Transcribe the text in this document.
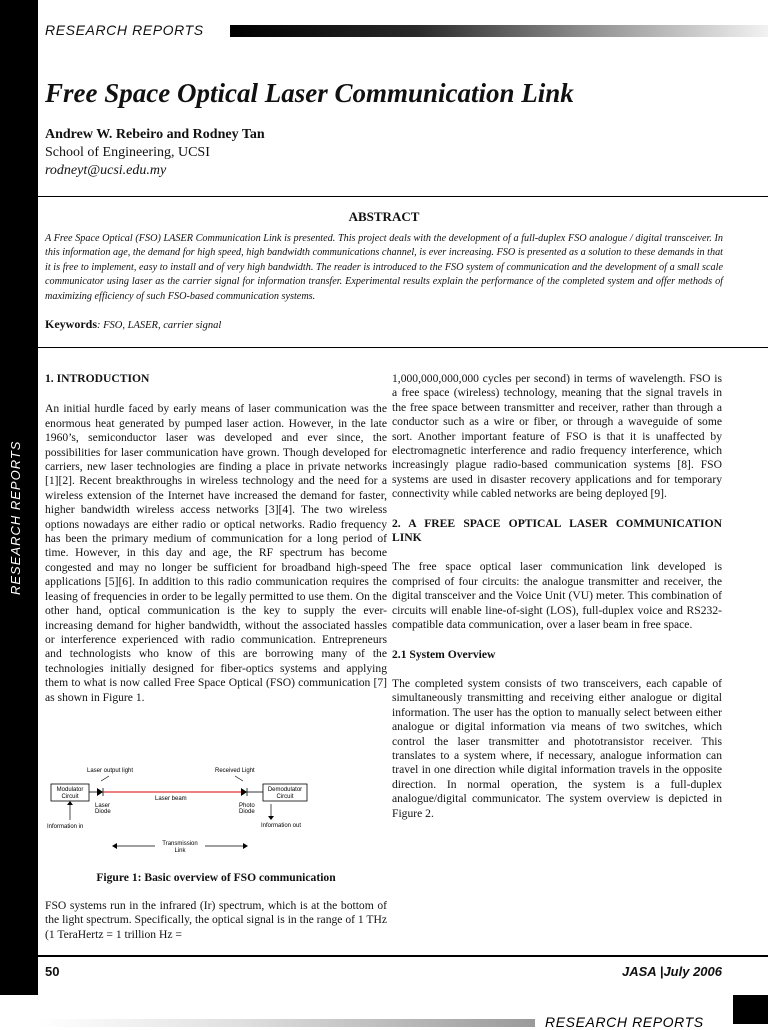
RESEARCH REPORTS
RESEARCH REPORTS
Free Space Optical Laser Communication Link
Andrew W. Rebeiro and Rodney Tan
School of Engineering, UCSI
rodneyt@ucsi.edu.my
ABSTRACT
A Free Space Optical (FSO) LASER Communication Link is presented. This project deals with the development of a full-duplex FSO analogue / digital transceiver. In this information age, the demand for high speed, high bandwidth communications channel, is ever increasing. FSO is presented as a solution to these demands in that it is free to implement, easy to install and of very high bandwidth. The reader is introduced to the FSO system of communication and the development of a small scale communicator using laser as the carrier signal for information transfer. Experimental results explain the performance of the completed system and offer methods of maximizing efficiency of such FSO-based communication systems.
Keywords: FSO, LASER, carrier signal
1. INTRODUCTION

An initial hurdle faced by early means of laser communication was the enormous heat generated by pumped laser action. However, in the late 1960’s, semiconductor laser was developed and ever since, the possibilities for laser communication have grown. Though developed for carriers, new laser technologies are finding a place in private networks [1][2]. Recent breakthroughs in wireless technology and the need for a wireless extension of the Internet have increased the demand for faster, higher bandwidth wireless access networks [3][4]. The two wireless options nowadays are either radio or optical networks. Radio frequency has been the primary medium of communication for a long period of time. However, in this day and age, the RF spectrum has become congested and may no longer be sufficient for broadband high-speed applications [5][6]. In addition to this radio communication requires the leasing of frequencies in order to be legally permitted to use them. On the other hand, optical communication is the key to supply the ever-increasing demand for higher bandwidth, without the associated hassles or interference experienced with radio communication. Entrepreneurs and technologists who know of this are borrowing many of the technologies initially designed for fiber-optics systems and applying them to what is now called Free Space Optical (FSO) communication [7] as shown in Figure 1.

Laser output light	Received Light
Modulator
Circuit
Demodulator
Circuit
Laser beam
Laser
Diode
Photo
Diode
Information in	Information out
Transmission
Link
Figure 1: Basic overview of FSO communication

FSO systems run in the infrared (Ir) spectrum, which is at the bottom of the light spectrum. Specifically, the optical signal is in the range of 1 THz (1 TeraHertz = 1 trillion Hz =

1,000,000,000,000 cycles per second) in terms of wavelength. FSO is a free space (wireless) technology, meaning that the signal travels in the free space between transmitter and receiver, rather than through a conductor such as a wire or fiber, or through a waveguide of some sort. Another important feature of FSO is that it is unaffected by electromagnetic interference and radio frequency interference, which increasingly plague radio-based communication systems [8]. FSO systems are used in disaster recovery applications and for temporary connectivity while cabled networks are being deployed [9].

2. A FREE SPACE OPTICAL LASER COMMUNICATION LINK

The free space optical laser communication link developed is comprised of four circuits: the analogue transmitter and receiver, the digital transceiver and the Voice Unit (VU) meter. This combination of circuits will enable line-of-sight (LOS), full-duplex voice and RS232-compatible data communication, over a laser beam in free space.

2.1 System Overview

The completed system consists of two transceivers, each capable of simultaneously transmitting and receiving either analogue or digital information. The user has the option to manually select between either analogue or digital information via means of two switches, which control the laser transmitter and phototransistor receiver. This translates to a system where, if necessary, analogue information can travel in one direction while digital information travels in the opposite direction. In normal operation, the system is a full-duplex analogue/digital communicator. The system overview is depicted in Figure 2.

50	JASA |July 2006
RESEARCH REPORTS
